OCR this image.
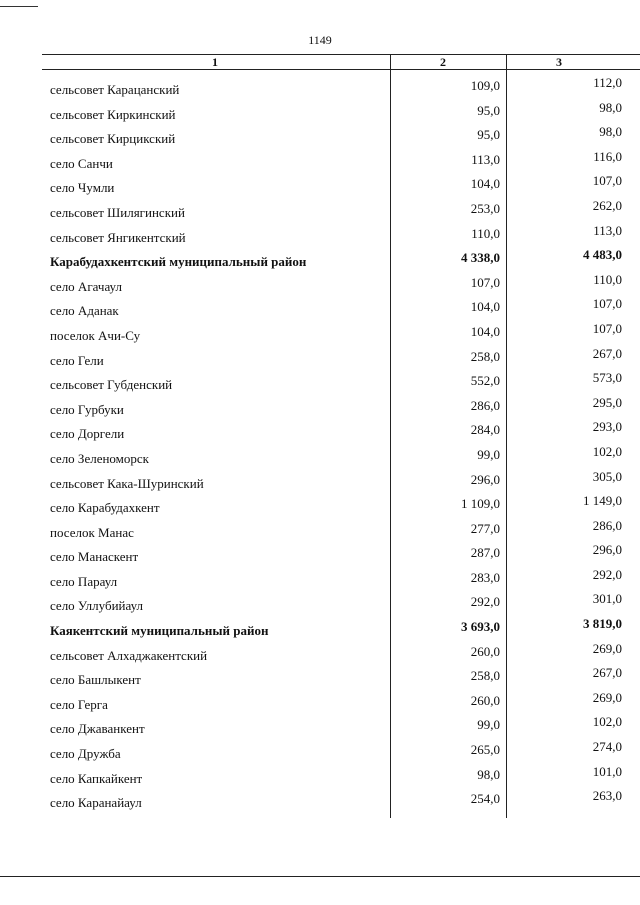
1149
1	2	3
сельсовет Карацанский	109,0	112,0
сельсовет Киркинский	95,0	98,0
сельсовет Кирцикский	95,0	98,0
село Санчи	113,0	116,0
село Чумли	104,0	107,0
сельсовет Шилягинский	253,0	262,0
сельсовет Янгикентский	110,0	113,0
Карабудахкентский муниципальный район	4 338,0	4 483,0
село Агачаул	107,0	110,0
село Аданак	104,0	107,0
поселок Ачи-Су	104,0	107,0
село Гели	258,0	267,0
сельсовет Губденский	552,0	573,0
село Гурбуки	286,0	295,0
село Доргели	284,0	293,0
село Зеленоморск	99,0	102,0
сельсовет Кака-Шуринский	296,0	305,0
село Карабудахкент	1 109,0	1 149,0
поселок Манас	277,0	286,0
село Манаскент	287,0	296,0
село Параул	283,0	292,0
село Уллубийаул	292,0	301,0
Каякентский муниципальный район	3 693,0	3 819,0
сельсовет Алхаджакентский	260,0	269,0
село Башлыкент	258,0	267,0
село Герга	260,0	269,0
село Джаванкент	99,0	102,0
село Дружба	265,0	274,0
село Капкайкент	98,0	101,0
село Каранайаул	254,0	263,0
